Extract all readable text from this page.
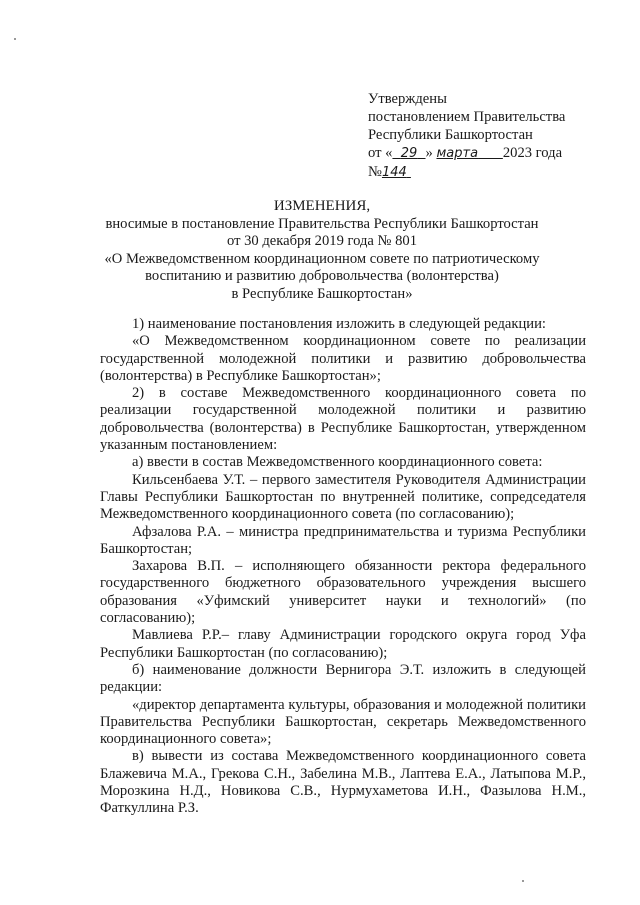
Утверждены
постановлением Правительства
Республики Башкортостан
от « 29 » марта 2023 года
№144
ИЗМЕНЕНИЯ,
вносимые в постановление Правительства Республики Башкортостан
от 30 декабря 2019 года № 801
«О Межведомственном координационном совете по патриотическому
воспитанию и развитию добровольчества (волонтерства)
в Республике Башкортостан»

1) наименование постановления изложить в следующей редакции:

«О Межведомственном координационном совете по реализации государственной молодежной политики и развитию добровольчества (волонтерства) в Республике Башкортостан»;

2) в составе Межведомственного координационного совета по реализации государственной молодежной политики и развитию добровольчества (волонтерства) в Республике Башкортостан, утвержденном указанным постановлением:

а) ввести в состав Межведомственного координационного совета:

Кильсенбаева У.Т. – первого заместителя Руководителя Администрации Главы Республики Башкортостан по внутренней политике, сопредседателя Межведомственного координационного совета (по согласованию);

Афзалова Р.А. – министра предпринимательства и туризма Республики Башкортостан;

Захарова В.П. – исполняющего обязанности ректора федерального государственного бюджетного образовательного учреждения высшего образования «Уфимский университет науки и технологий» (по согласованию);

Мавлиева Р.Р.– главу Администрации городского округа город Уфа Республики Башкортостан (по согласованию);

б) наименование должности Вернигора Э.Т. изложить в следующей редакции:

«директор департамента культуры, образования и молодежной политики Правительства Республики Башкортостан, секретарь Межведомственного координационного совета»;

в) вывести из состава Межведомственного координационного совета Блажевича М.А., Грекова С.Н., Забелина М.В., Лаптева Е.А., Латыпова М.Р., Морозкина Н.Д., Новикова С.В., Нурмухаметова И.Н., Фазылова Н.М., Фаткуллина Р.З.
